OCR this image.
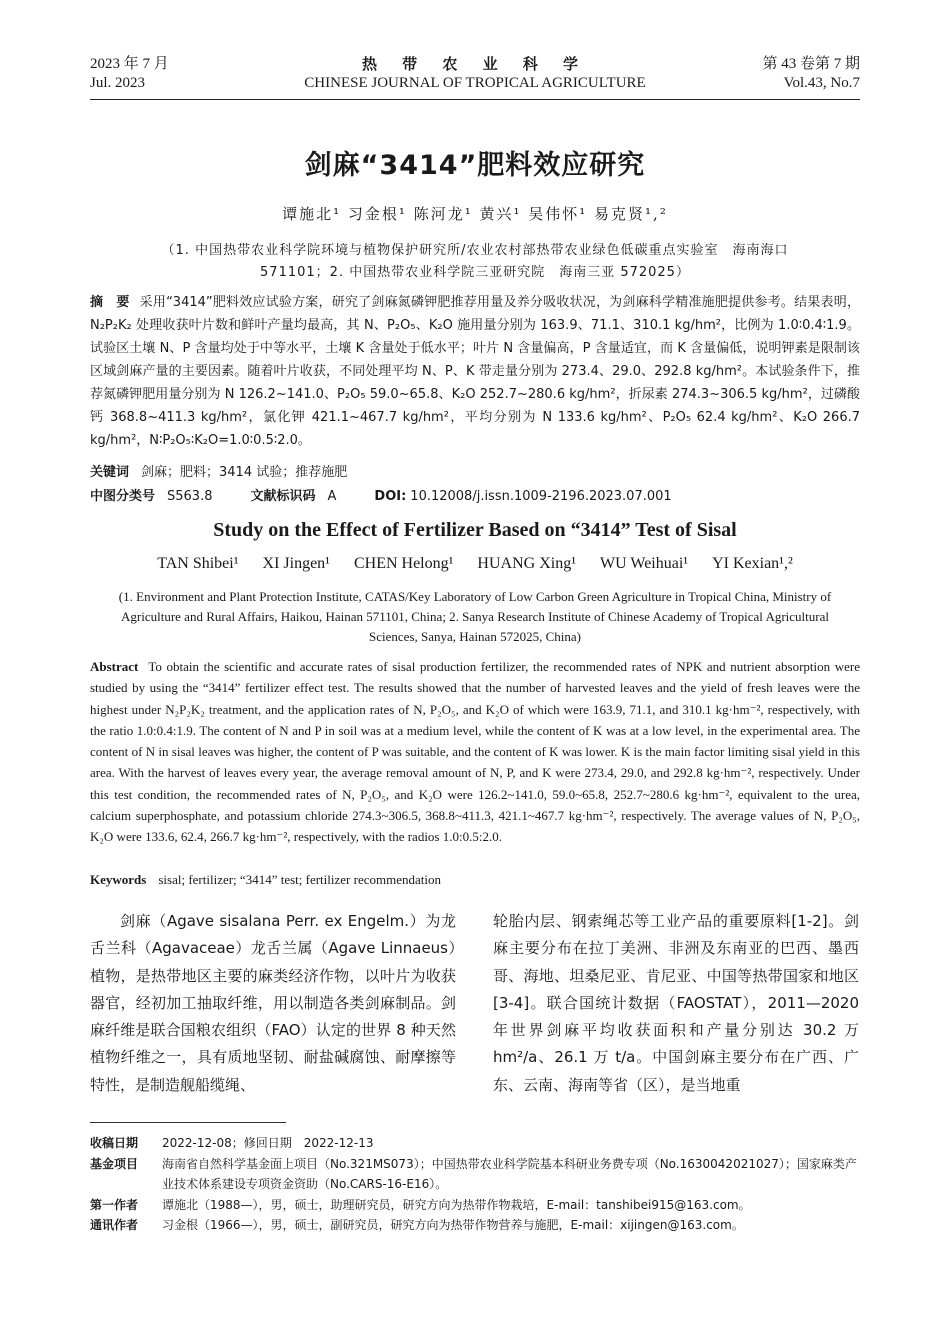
2023 年 7 月
Jul. 2023
热 带 农 业 科 学
CHINESE JOURNAL OF TROPICAL AGRICULTURE
第 43 卷第 7 期
Vol.43, No.7
剑麻“3414”肥料效应研究
谭施北¹ 习金根¹ 陈河龙¹ 黄兴¹ 吴伟怀¹ 易克贤¹,²
（1. 中国热带农业科学院环境与植物保护研究所/农业农村部热带农业绿色低碳重点实验室　海南海口
571101；2. 中国热带农业科学院三亚研究院　海南三亚 572025）
摘　要 采用“3414”肥料效应试验方案，研究了剑麻氮磷钾肥推荐用量及养分吸收状况，为剑麻科学精准施肥提供参考。结果表明，N₂P₂K₂ 处理收获叶片数和鲜叶产量均最高，其 N、P₂O₅、K₂O 施用量分别为 163.9、71.1、310.1 kg/hm²，比例为 1.0∶0.4∶1.9。试验区土壤 N、P 含量均处于中等水平，土壤 K 含量处于低水平；叶片 N 含量偏高，P 含量适宜，而 K 含量偏低，说明钾素是限制该区域剑麻产量的主要因素。随着叶片收获，不同处理平均 N、P、K 带走量分别为 273.4、29.0、292.8 kg/hm²。本试验条件下，推荐氮磷钾肥用量分别为 N 126.2~141.0、P₂O₅ 59.0~65.8、K₂O 252.7~280.6 kg/hm²，折尿素 274.3~306.5 kg/hm²，过磷酸钙 368.8~411.3 kg/hm²，氯化钾 421.1~467.7 kg/hm²，平均分别为 N 133.6 kg/hm²、P₂O₅ 62.4 kg/hm²、K₂O 266.7 kg/hm²，N∶P₂O₅∶K₂O=1.0∶0.5∶2.0。
关键词 剑麻；肥料；3414 试验；推荐施肥
中图分类号 S563.8	文献标识码 A	DOI: 10.12008/j.issn.1009-2196.2023.07.001
Study on the Effect of Fertilizer Based on “3414” Test of Sisal
TAN Shibei¹ XI Jingen¹ CHEN Helong¹ HUANG Xing¹ WU Weihuai¹ YI Kexian¹,²
(1. Environment and Plant Protection Institute, CATAS/Key Laboratory of Low Carbon Green Agriculture in Tropical China, Ministry of Agriculture and Rural Affairs, Haikou, Hainan 571101, China; 2. Sanya Research Institute of Chinese Academy of Tropical Agricultural Sciences, Sanya, Hainan 572025, China)
Abstract To obtain the scientific and accurate rates of sisal production fertilizer, the recommended rates of NPK and nutrient absorption were studied by using the “3414” fertilizer effect test. The results showed that the number of harvested leaves and the yield of fresh leaves were the highest under N₂P₂K₂ treatment, and the application rates of N, P₂O₅, and K₂O of which were 163.9, 71.1, and 310.1 kg·hm⁻², respectively, with the ratio 1.0:0.4:1.9. The content of N and P in soil was at a medium level, while the content of K was at a low level, in the experimental area. The content of N in sisal leaves was higher, the content of P was suitable, and the content of K was lower. K is the main factor limiting sisal yield in this area. With the harvest of leaves every year, the average removal amount of N, P, and K were 273.4, 29.0, and 292.8 kg·hm⁻², respectively. Under this test condition, the recommended rates of N, P₂O₅, and K₂O were 126.2~141.0, 59.0~65.8, 252.7~280.6 kg·hm⁻², equivalent to the urea, calcium superphosphate, and potassium chloride 274.3~306.5, 368.8~411.3, 421.1~467.7 kg·hm⁻², respectively. The average values of N, P₂O₅, K₂O were 133.6, 62.4, 266.7 kg·hm⁻², respectively, with the radios 1.0:0.5:2.0.
Keywords sisal; fertilizer; “3414” test; fertilizer recommendation
剑麻（Agave sisalana Perr. ex Engelm.）为龙舌兰科（Agavaceae）龙舌兰属（Agave Linnaeus）植物，是热带地区主要的麻类经济作物，以叶片为收获器官，经初加工抽取纤维，用以制造各类剑麻制品。剑麻纤维是联合国粮农组织（FAO）认定的世界 8 种天然植物纤维之一，具有质地坚韧、耐盐碱腐蚀、耐摩擦等特性，是制造舰船缆绳、
轮胎内层、钢索绳芯等工业产品的重要原料[1-2]。剑麻主要分布在拉丁美洲、非洲及东南亚的巴西、墨西哥、海地、坦桑尼亚、肯尼亚、中国等热带国家和地区[3-4]。联合国统计数据（FAOSTAT），2011—2020 年世界剑麻平均收获面积和产量分别达 30.2 万 hm²/a、26.1 万 t/a。中国剑麻主要分布在广西、广东、云南、海南等省（区），是当地重
收稿日期	2022-12-08；修回日期　2022-12-13
基金项目	海南省自然科学基金面上项目（No.321MS073）；中国热带农业科学院基本科研业务费专项（No.1630042021027）；国家麻类产业技术体系建设专项资金资助（No.CARS-16-E16）。
第一作者	谭施北（1988—），男，硕士，助理研究员，研究方向为热带作物栽培，E-mail：tanshibei915@163.com。
通讯作者	习金根（1966—），男，硕士，副研究员，研究方向为热带作物营养与施肥，E-mail：xijingen@163.com。
